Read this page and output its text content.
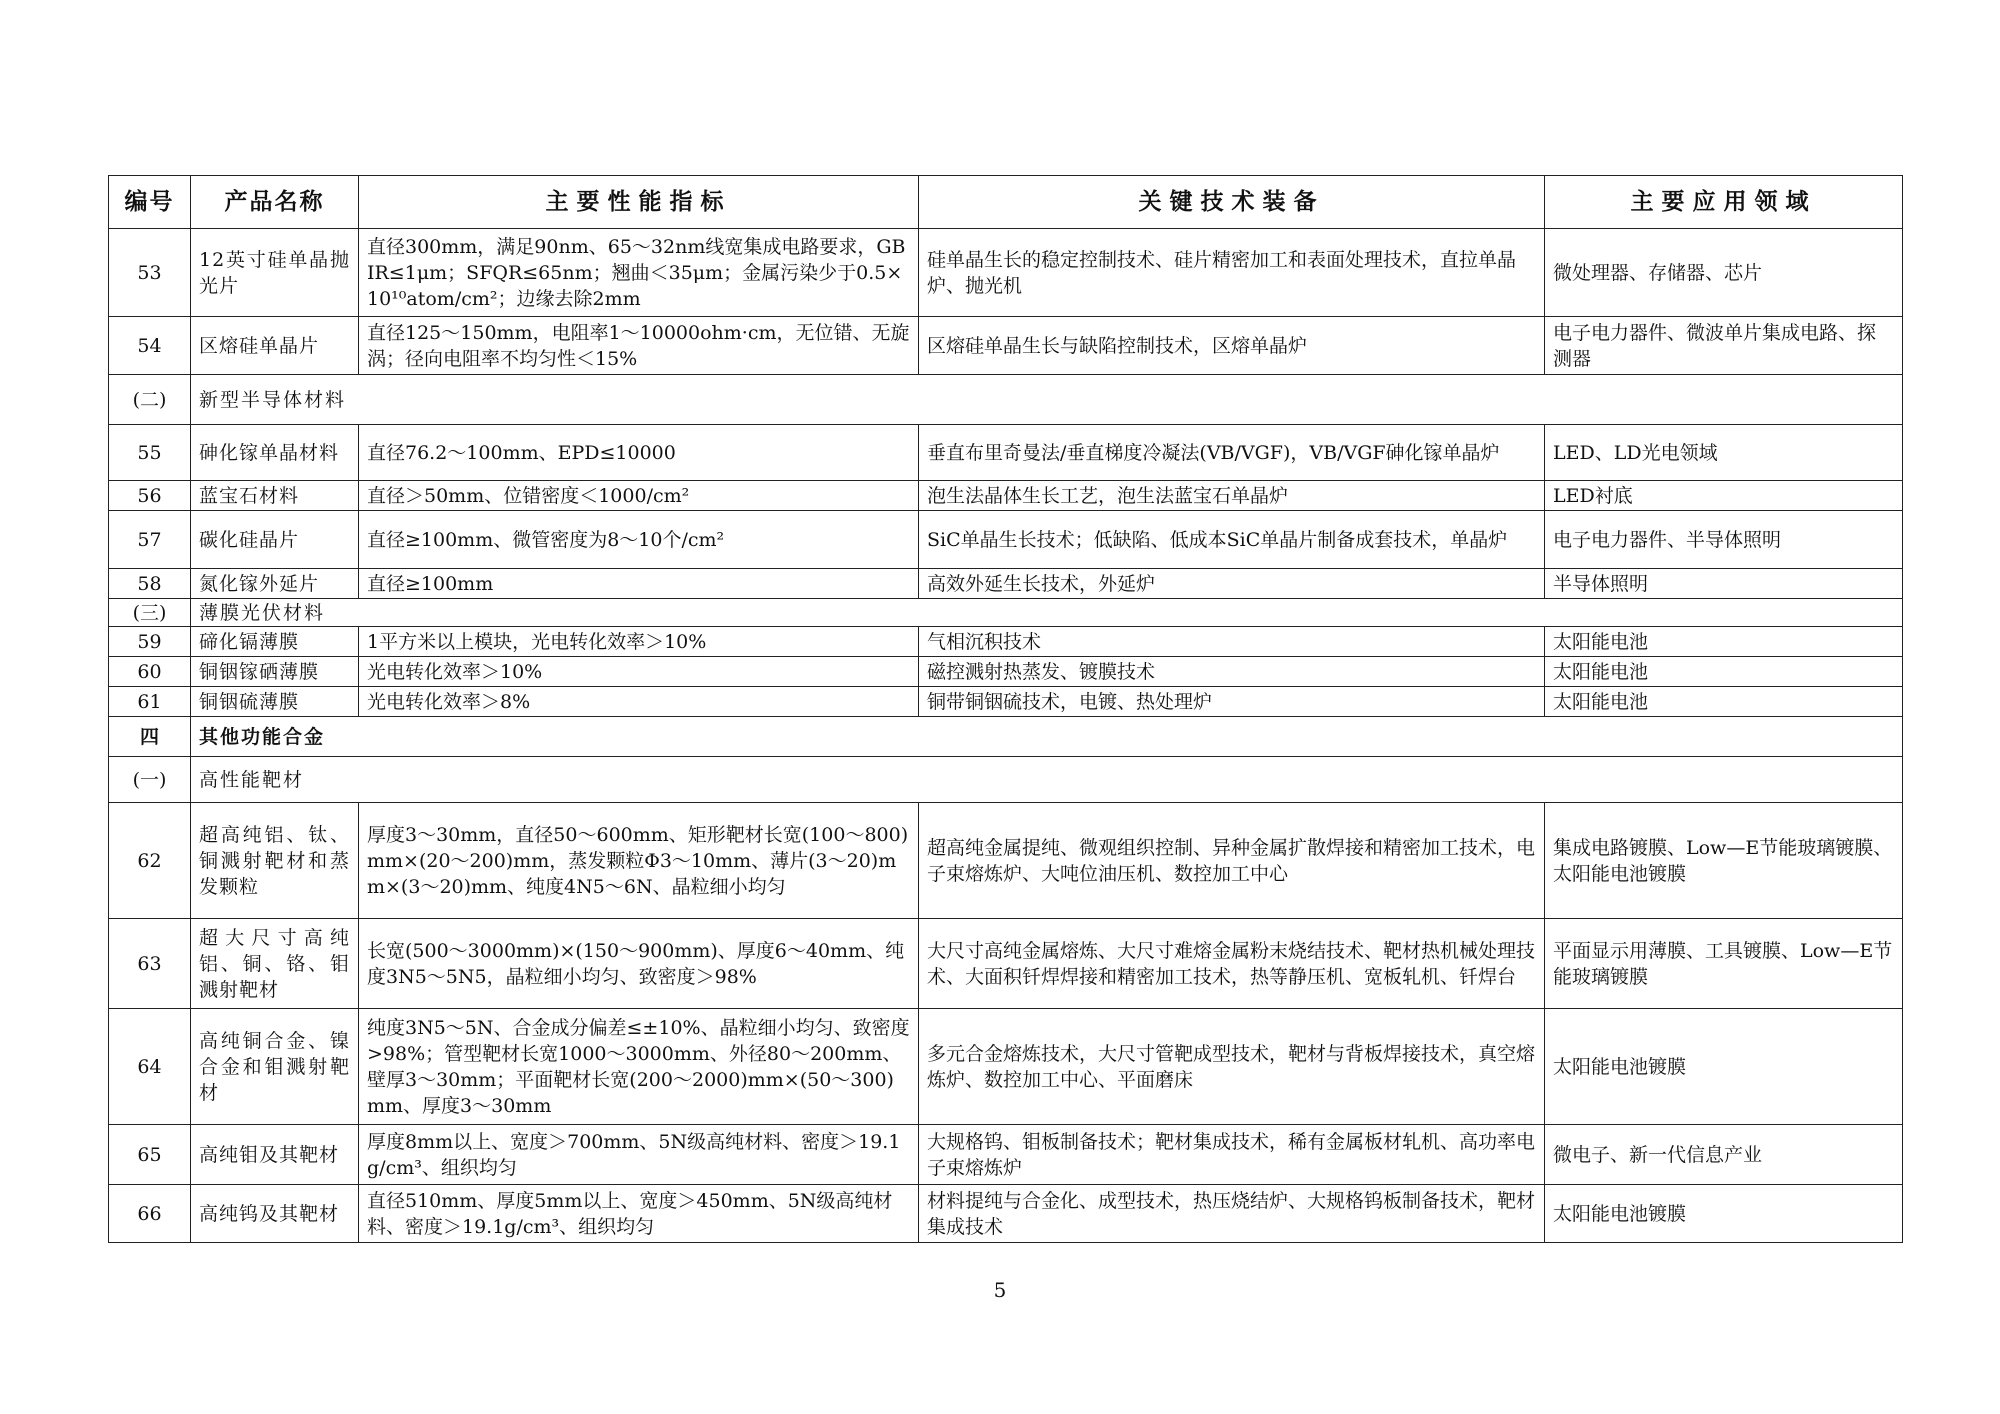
编号	产品名称	主要性能指标	关键技术装备	主要应用领域
53	12英寸硅单晶抛光片	直径300mm，满足90nm、65～32nm线宽集成电路要求，GBIR≤1μm；SFQR≤65nm；翘曲＜35μm；金属污染少于0.5×10¹⁰atom/cm²；边缘去除2mm	硅单晶生长的稳定控制技术、硅片精密加工和表面处理技术，直拉单晶炉、抛光机	微处理器、存储器、芯片
54	区熔硅单晶片	直径125～150mm，电阻率1～10000ohm·cm，无位错、无旋涡；径向电阻率不均匀性＜15%	区熔硅单晶生长与缺陷控制技术，区熔单晶炉	电子电力器件、微波单片集成电路、探测器
(二)	新型半导体材料			
55	砷化镓单晶材料	直径76.2～100mm、EPD≤10000	垂直布里奇曼法/垂直梯度冷凝法(VB/VGF)，VB/VGF砷化镓单晶炉	LED、LD光电领域
56	蓝宝石材料	直径＞50mm、位错密度＜1000/cm²	泡生法晶体生长工艺，泡生法蓝宝石单晶炉	LED衬底
57	碳化硅晶片	直径≥100mm、微管密度为8～10个/cm²	SiC单晶生长技术；低缺陷、低成本SiC单晶片制备成套技术，单晶炉	电子电力器件、半导体照明
58	氮化镓外延片	直径≥100mm	高效外延生长技术，外延炉	半导体照明
(三)	薄膜光伏材料			
59	碲化镉薄膜	1平方米以上模块，光电转化效率＞10%	气相沉积技术	太阳能电池
60	铜铟镓硒薄膜	光电转化效率＞10%	磁控溅射热蒸发、镀膜技术	太阳能电池
61	铜铟硫薄膜	光电转化效率＞8%	铜带铜铟硫技术，电镀、热处理炉	太阳能电池
四	其他功能合金			
(一)	高性能靶材			
62	超高纯铝、钛、铜溅射靶材和蒸发颗粒	厚度3～30mm，直径50～600mm、矩形靶材长宽(100～800)mm×(20～200)mm，蒸发颗粒Φ3～10mm、薄片(3～20)mm×(3～20)mm、纯度4N5～6N、晶粒细小均匀	超高纯金属提纯、微观组织控制、异种金属扩散焊接和精密加工技术，电子束熔炼炉、大吨位油压机、数控加工中心	集成电路镀膜、Low—E节能玻璃镀膜、太阳能电池镀膜
63	超大尺寸高纯铝、铜、铬、钼溅射靶材	长宽(500～3000mm)×(150～900mm)、厚度6～40mm、纯度3N5～5N5，晶粒细小均匀、致密度＞98%	大尺寸高纯金属熔炼、大尺寸难熔金属粉末烧结技术、靶材热机械处理技术、大面积钎焊焊接和精密加工技术，热等静压机、宽板轧机、钎焊台	平面显示用薄膜、工具镀膜、Low—E节能玻璃镀膜
64	高纯铜合金、镍合金和钼溅射靶材	纯度3N5～5N、合金成分偏差≤±10%、晶粒细小均匀、致密度>98%；管型靶材长宽1000～3000mm、外径80～200mm、壁厚3～30mm；平面靶材长宽(200～2000)mm×(50～300)mm、厚度3～30mm	多元合金熔炼技术，大尺寸管靶成型技术，靶材与背板焊接技术，真空熔炼炉、数控加工中心、平面磨床	太阳能电池镀膜
65	高纯钼及其靶材	厚度8mm以上、宽度＞700mm、5N级高纯材料、密度＞19.1g/cm³、组织均匀	大规格钨、钼板制备技术；靶材集成技术，稀有金属板材轧机、高功率电子束熔炼炉	微电子、新一代信息产业
66	高纯钨及其靶材	直径510mm、厚度5mm以上、宽度＞450mm、5N级高纯材料、密度＞19.1g/cm³、组织均匀	材料提纯与合金化、成型技术，热压烧结炉、大规格钨板制备技术，靶材集成技术	太阳能电池镀膜
5
